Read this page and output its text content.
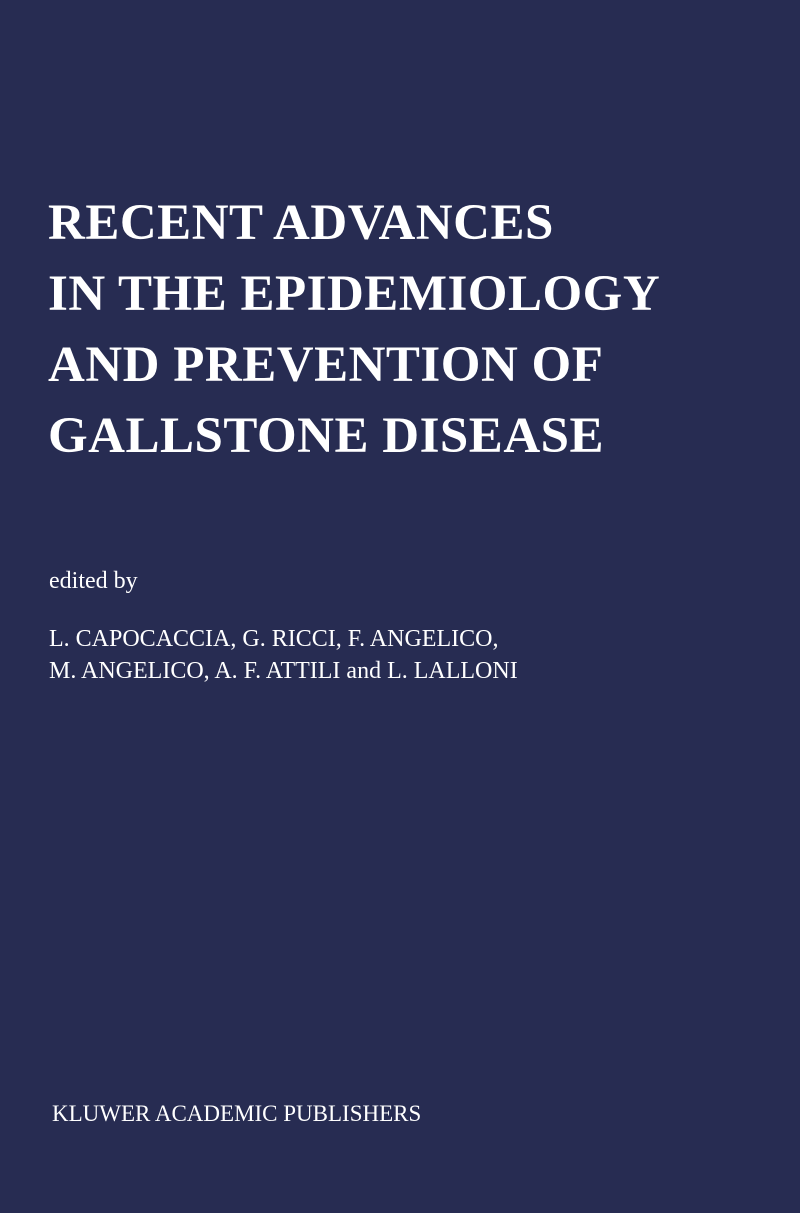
RECENT ADVANCES
IN THE EPIDEMIOLOGY
AND PREVENTION OF
GALLSTONE DISEASE
edited by
L. CAPOCACCIA, G. RICCI, F. ANGELICO,
M. ANGELICO, A. F. ATTILI and L. LALLONI
KLUWER ACADEMIC PUBLISHERS
